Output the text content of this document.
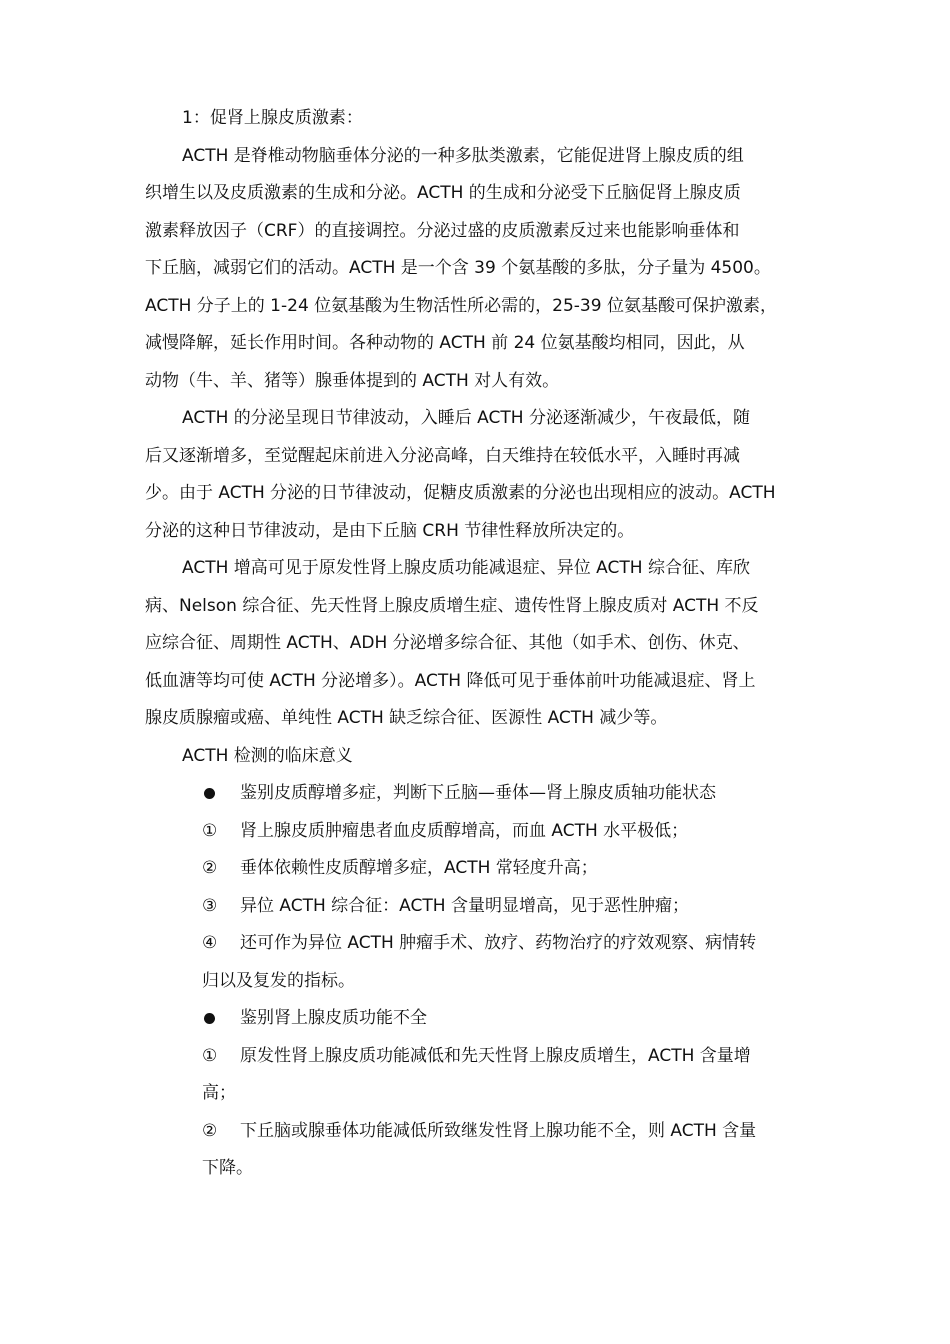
1：促肾上腺皮质激素：
ACTH 是脊椎动物脑垂体分泌的一种多肽类激素，它能促进肾上腺皮质的组
织增生以及皮质激素的生成和分泌。ACTH 的生成和分泌受下丘脑促肾上腺皮质
激素释放因子（CRF）的直接调控。分泌过盛的皮质激素反过来也能影响垂体和
下丘脑，减弱它们的活动。ACTH 是一个含 39 个氨基酸的多肽，分子量为 4500。
ACTH 分子上的 1-24 位氨基酸为生物活性所必需的，25-39 位氨基酸可保护激素，
减慢降解，延长作用时间。各种动物的 ACTH 前 24 位氨基酸均相同，因此，从
动物（牛、羊、猪等）腺垂体提到的 ACTH 对人有效。
ACTH 的分泌呈现日节律波动，入睡后 ACTH 分泌逐渐减少，午夜最低，随
后又逐渐增多，至觉醒起床前进入分泌高峰，白天维持在较低水平，入睡时再减
少。由于 ACTH 分泌的日节律波动，促糖皮质激素的分泌也出现相应的波动。ACTH
分泌的这种日节律波动，是由下丘脑 CRH 节律性释放所决定的。
ACTH 增高可见于原发性肾上腺皮质功能减退症、异位 ACTH 综合征、库欣
病、Nelson 综合征、先天性肾上腺皮质增生症、遗传性肾上腺皮质对 ACTH 不反
应综合征、周期性 ACTH、ADH 分泌增多综合征、其他（如手术、创伤、休克、
低血溏等均可使 ACTH 分泌增多）。ACTH 降低可见于垂体前叶功能减退症、肾上
腺皮质腺瘤或癌、单纯性 ACTH 缺乏综合征、医源性 ACTH 减少等。
ACTH 检测的临床意义
鉴别皮质醇增多症，判断下丘脑—垂体—肾上腺皮质轴功能状态
①	肾上腺皮质肿瘤患者血皮质醇增高，而血 ACTH 水平极低；
②	垂体依赖性皮质醇增多症，ACTH 常轻度升高；
③	异位 ACTH 综合征：ACTH 含量明显增高，见于恶性肿瘤；
④	还可作为异位 ACTH 肿瘤手术、放疗、药物治疗的疗效观察、病情转
归以及复发的指标。
鉴别肾上腺皮质功能不全
①	原发性肾上腺皮质功能减低和先天性肾上腺皮质增生，ACTH 含量增
高；
②	下丘脑或腺垂体功能减低所致继发性肾上腺功能不全，则 ACTH 含量
下降。
